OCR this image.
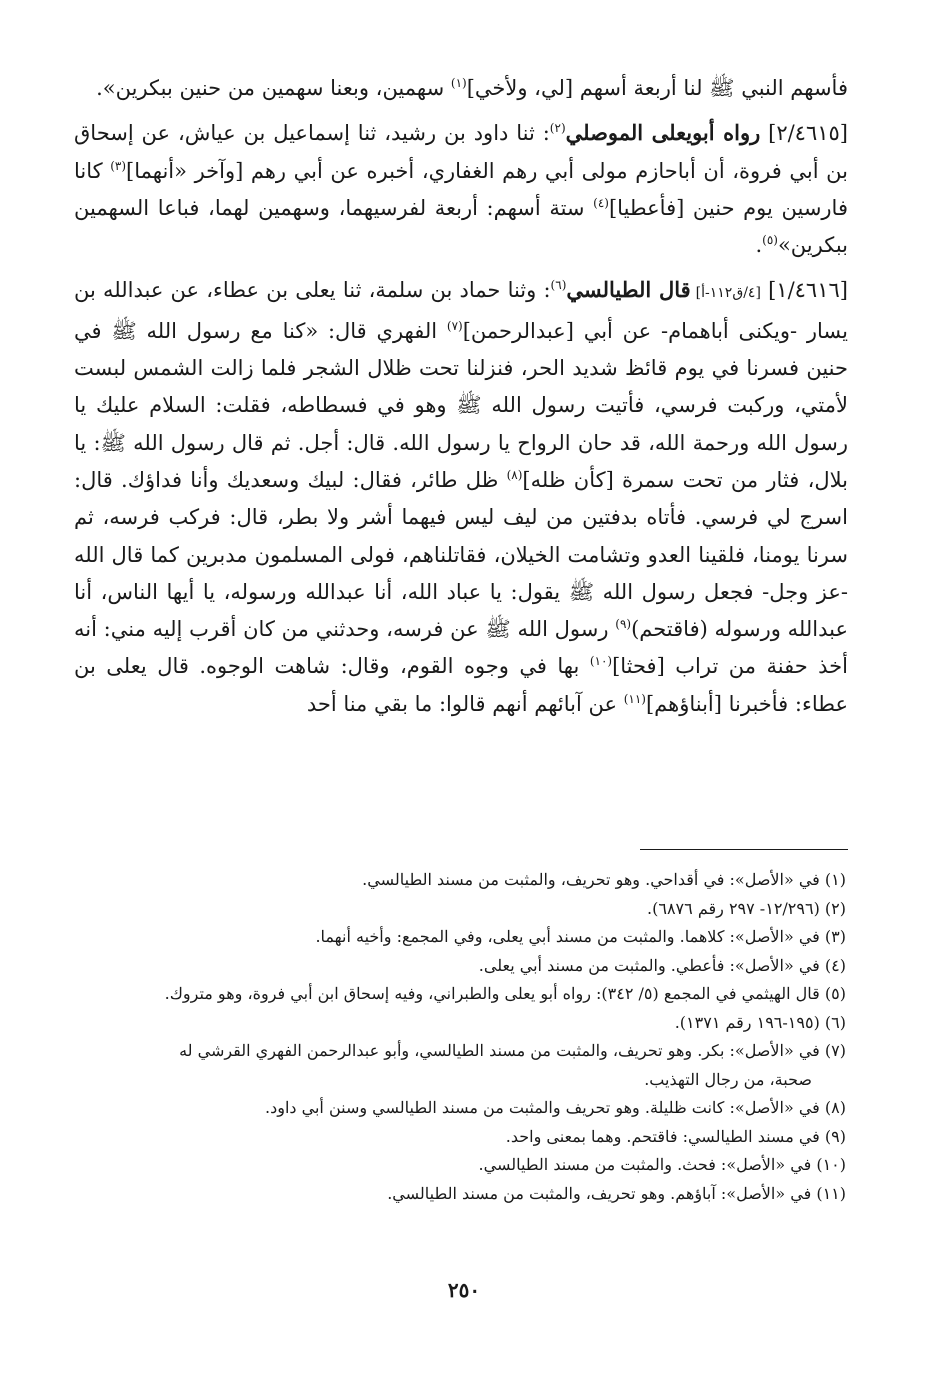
فأسهم النبي ﷺ لنا أربعة أسهم [لي، ولأخي]$^{(١)}$ سهمين، وبعنا سهمين من حنين ببكرين».

[٢/٤٦١٥] رواه أبويعلى الموصلي$^{(٢)}$: ثنا داود بن رشيد، ثنا إسماعيل بن عياش، عن إسحاق بن أبي فروة، أن أباحازم مولى أبي رهم الغفاري، أخبره عن أبي رهم [وآخر «أنهما]$^{(٣)}$ كانا فارسين يوم حنين [فأعطيا]$^{(٤)}$ ستة أسهم: أربعة لفرسيهما، وسهمين لهما، فباعا السهمين ببكرين»$^{(٥)}$.

[١/٤٦١٦] [٤/ق١١٢-أ] قال الطيالسي$^{(٦)}$: وثنا حماد بن سلمة، ثنا يعلى بن عطاء، عن عبدالله بن يسار -ويكنى أباهمام- عن أبي [عبدالرحمن]$^{(٧)}$ الفهري قال: «كنا مع رسول الله ﷺ في حنين فسرنا في يوم قائظ شديد الحر، فنزلنا تحت ظلال الشجر فلما زالت الشمس لبست لأمتي، وركبت فرسي، فأتيت رسول الله ﷺ وهو في فسطاطه، فقلت: السلام عليك يا رسول الله ورحمة الله، قد حان الرواح يا رسول الله. قال: أجل. ثم قال رسول الله ﷺ: يا بلال، فثار من تحت سمرة [كأن ظله]$^{(٨)}$ ظل طائر، فقال: لبيك وسعديك وأنا فداؤك. قال: اسرج لي فرسي. فأتاه بدفتين من ليف ليس فيهما أشر ولا بطر، قال: فركب فرسه، ثم سرنا يومنا، فلقينا العدو وتشامت الخيلان، فقاتلناهم، فولى المسلمون مدبرين كما قال الله -عز وجل- فجعل رسول الله ﷺ يقول: يا عباد الله، أنا عبدالله ورسوله، يا أيها الناس، أنا عبدالله ورسوله (فاقتحم)$^{(٩)}$ رسول الله ﷺ عن فرسه، وحدثني من كان أقرب إليه مني: أنه أخذ حفنة من تراب [فحثا]$^{(١٠)}$ بها في وجوه القوم، وقال: شاهت الوجوه. قال يعلى بن عطاء: فأخبرنا [أبناؤهم]$^{(١١)}$ عن آبائهم أنهم قالوا: ما بقي منا أحد

(١) في «الأصل»: في أقداحي. وهو تحريف، والمثبت من مسند الطيالسي.

(٢) (١٢/٢٩٦- ٢٩٧ رقم ٦٨٧٦).

(٣) في «الأصل»: كلاهما. والمثبت من مسند أبي يعلى، وفي المجمع: وأخيه أنهما.

(٤) في «الأصل»: فأعطي. والمثبت من مسند أبي يعلى.

(٥) قال الهيثمي في المجمع (٥/ ٣٤٢): رواه أبو يعلى والطبراني، وفيه إسحاق ابن أبي فروة، وهو متروك.

(٦) (١٩٥-١٩٦ رقم ١٣٧١).

(٧) في «الأصل»: بكر. وهو تحريف، والمثبت من مسند الطيالسي، وأبو عبدالرحمن الفهري القرشي له

صحبة، من رجال التهذيب.

(٨) في «الأصل»: كانت ظليلة. وهو تحريف والمثبت من مسند الطيالسي وسنن أبي داود.

(٩) في مسند الطيالسي: فاقتحم. وهما بمعنى واحد.

(١٠) في «الأصل»: فحث. والمثبت من مسند الطيالسي.

(١١) في «الأصل»: آباؤهم. وهو تحريف، والمثبت من مسند الطيالسي.

٢٥٠
